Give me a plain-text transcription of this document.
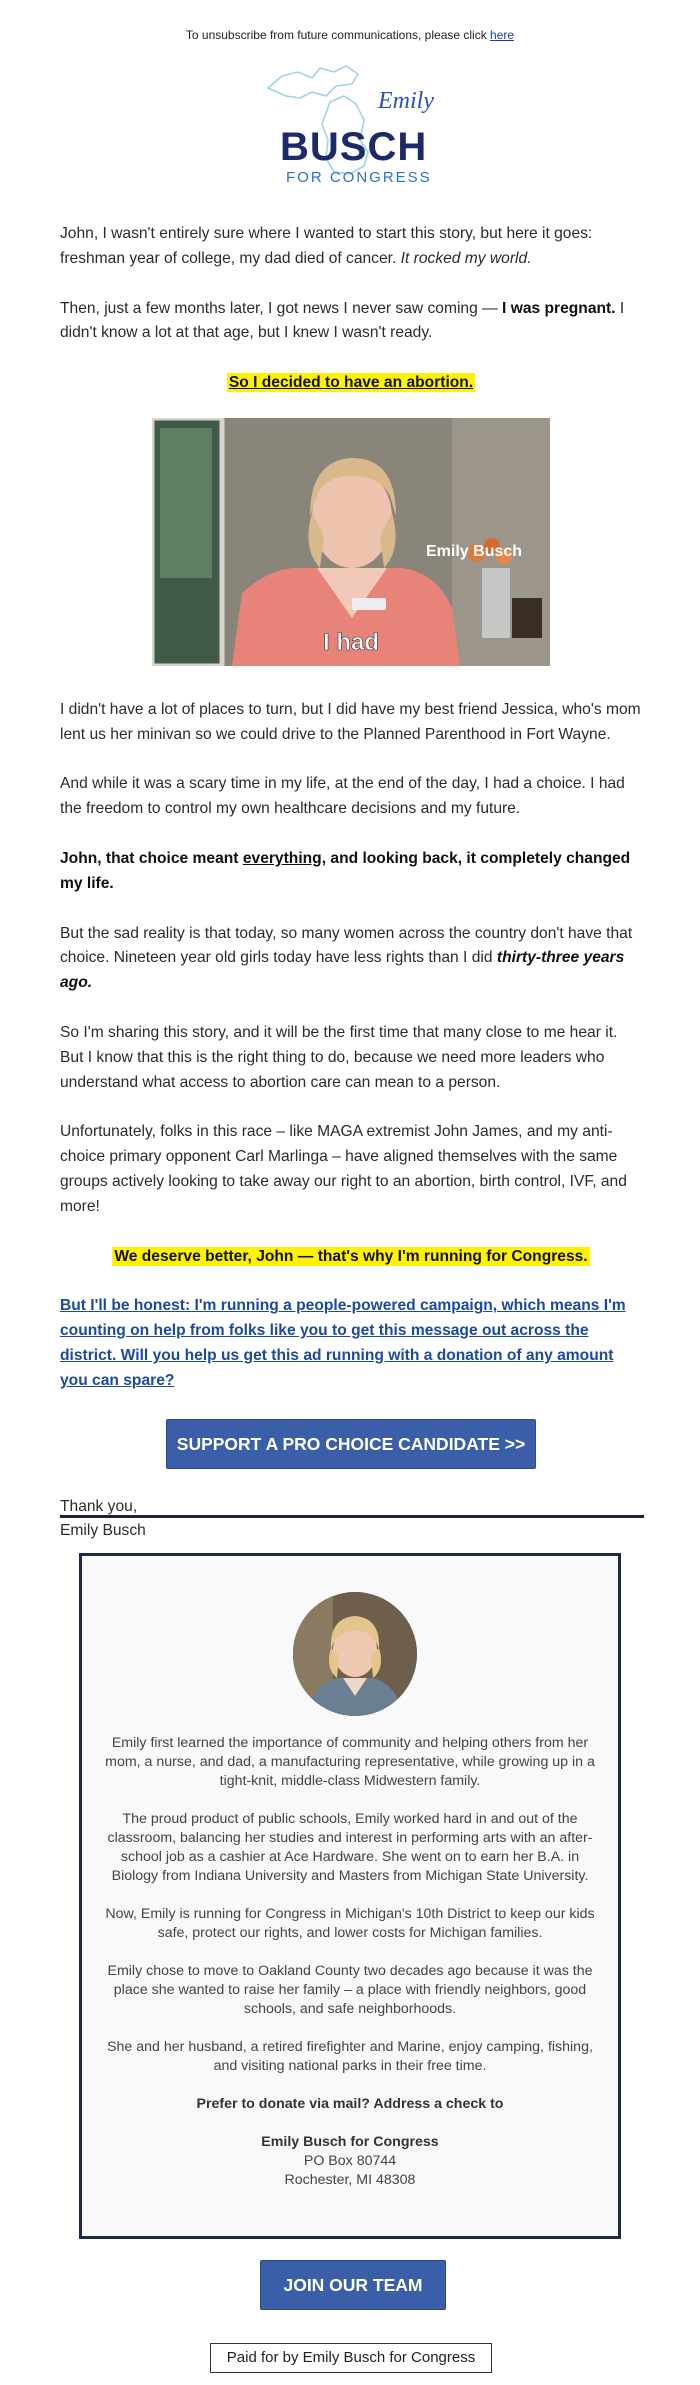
To unsubscribe from future communications, please click here
Emily
BUSCH
FOR CONGRESS

John, I wasn't entirely sure where I wanted to start this story, but here it goes: freshman year of college, my dad died of cancer. It rocked my world.

Then, just a few months later, I got news I never saw coming — I was pregnant. I didn't know a lot at that age, but I knew I wasn't ready.

So I decided to have an abortion.

Emily Busch
I had

I didn't have a lot of places to turn, but I did have my best friend Jessica, who's mom lent us her minivan so we could drive to the Planned Parenthood in Fort Wayne.

And while it was a scary time in my life, at the end of the day, I had a choice. I had the freedom to control my own healthcare decisions and my future.

John, that choice meant everything, and looking back, it completely changed my life.

But the sad reality is that today, so many women across the country don't have that choice. Nineteen year old girls today have less rights than I did thirty-three years ago.

So I'm sharing this story, and it will be the first time that many close to me hear it. But I know that this is the right thing to do, because we need more leaders who understand what access to abortion care can mean to a person.

Unfortunately, folks in this race – like MAGA extremist John James, and my anti-choice primary opponent Carl Marlinga – have aligned themselves with the same groups actively looking to take away our right to an abortion, birth control, IVF, and more!

We deserve better, John — that's why I'm running for Congress.

But I'll be honest: I'm running a people-powered campaign, which means I'm counting on help from folks like you to get this message out across the district. Will you help us get this ad running with a donation of any amount you can spare?

SUPPORT A PRO CHOICE CANDIDATE >>

Thank you,
Emily Busch

Emily first learned the importance of community and helping others from her mom, a nurse, and dad, a manufacturing representative, while growing up in a tight-knit, middle-class Midwestern family.

The proud product of public schools, Emily worked hard in and out of the classroom, balancing her studies and interest in performing arts with an after-school job as a cashier at Ace Hardware. She went on to earn her B.A. in Biology from Indiana University and Masters from Michigan State University.

Now, Emily is running for Congress in Michigan's 10th District to keep our kids safe, protect our rights, and lower costs for Michigan families.

Emily chose to move to Oakland County two decades ago because it was the place she wanted to raise her family – a place with friendly neighbors, good schools, and safe neighborhoods.

She and her husband, a retired firefighter and Marine, enjoy camping, fishing, and visiting national parks in their free time.

Prefer to donate via mail? Address a check to

Emily Busch for Congress
PO Box 80744
Rochester, MI 48308

JOIN OUR TEAM
Paid for by Emily Busch for Congress
